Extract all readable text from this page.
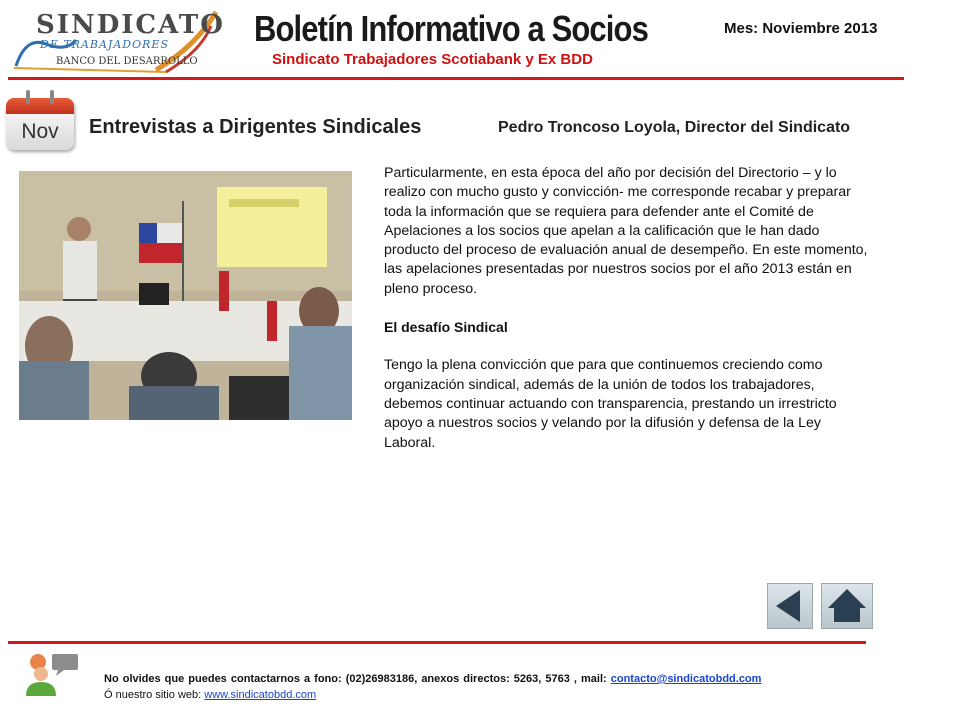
SINDICATO
DE TRABAJADORES
BANCO DEL DESARROLLO
Boletín Informativo a Socios
Sindicato Trabajadores Scotiabank y Ex BDD
Mes: Noviembre 2013
Nov	Entrevistas a Dirigentes Sindicales	Pedro Troncoso Loyola, Director del Sindicato

Particularmente, en esta época del año por decisión del Directorio – y lo realizo con mucho gusto y convicción- me corresponde recabar y preparar toda la información que se requiera para defender ante el Comité de Apelaciones a los socios que apelan a la calificación que le han dado producto del proceso de evaluación anual de desempeño. En este momento, las apelaciones presentadas por nuestros socios por el año 2013 están en pleno proceso.

El desafío Sindical

Tengo la plena convicción que para que continuemos creciendo como organización sindical, además de la unión de todos los trabajadores, debemos continuar actuando con transparencia, prestando un irrestricto apoyo a nuestros socios y velando por la difusión y defensa de la Ley Laboral.

No olvides que puedes contactarnos a fono: (02)26983186, anexos directos: 5263, 5763 , mail: contacto@sindicatobdd.com
Ó nuestro sitio web: www.sindicatobdd.com
